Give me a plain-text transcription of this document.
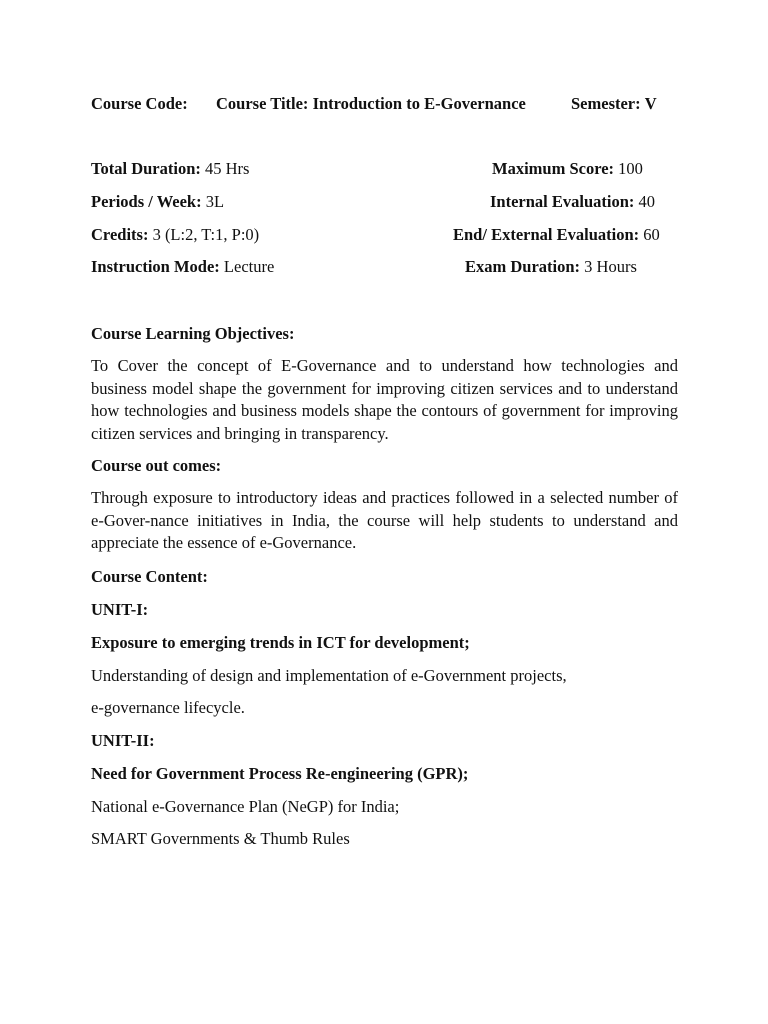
Course Code: Course Title: Introduction to E-Governance	Semester: V
Total Duration: 45 Hrs
Periods / Week: 3L
Credits: 3 (L:2, T:1, P:0)
Instruction Mode: Lecture
Maximum Score: 100
Internal Evaluation: 40
End/ External Evaluation: 60
Exam Duration: 3 Hours
Course Learning Objectives:
To Cover the concept of E-Governance and to understand how technologies and business model shape the government for improving citizen services and to understand how technologies and business models shape the contours of government for improving citizen services and bringing in transparency.
Course out comes:
Through exposure to introductory ideas and practices followed in a selected number of e-Gover-nance initiatives in India, the course will help students to understand and appreciate the essence of e-Governance.
Course Content:
UNIT-I:
Exposure to emerging trends in ICT for development;
Understanding of design and implementation of e-Government projects,
e-governance lifecycle.
UNIT-II:
Need for Government Process Re-engineering (GPR);
National e-Governance Plan (NeGP) for India;
SMART Governments & Thumb Rules
